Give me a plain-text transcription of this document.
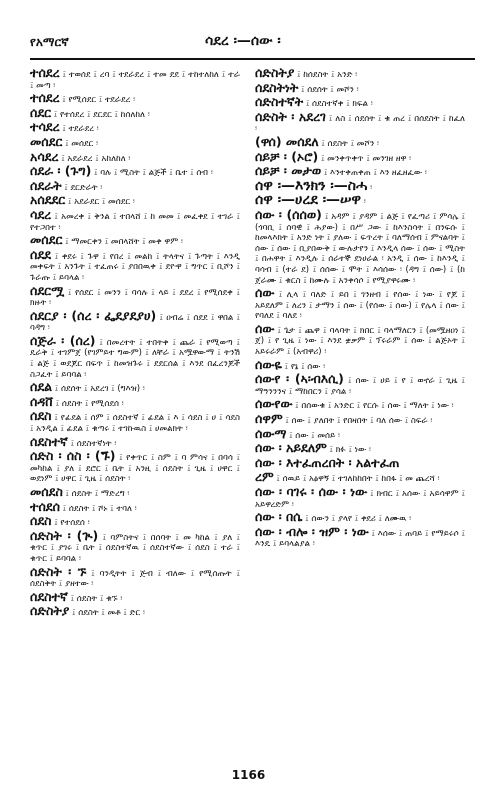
የአማርኛ	ሳደረ ፡—ሰው ፡
ተሰደረ ፤ ተወሰደ ፤ ረባ ፤ ተደራደረ ፤ ተመ ደደ ፤ ተከተለከለ ፤ ተራ ፤ መጣ ፡
ተሰደረ ፤ የሚሰደር ፤ ተደራደረ ፡
ሰደር ፤ የተሰደረ ፤ ደርደር ፤ ከሰለከለ ፡
ተሳደረ ፤ ተደራደረ ፡
መሰደር ፤ መሰደር ፡
አሳደረ ፤ አደራደረ ፤ አከለከለ ፡
ሰደራ ፡ (ጉግ) ፤ ባሉ ፤ ሚስት ፤ ልጅች ፤ ቤተ ፤ ሰብ ፡
ሰደራት ፤ ደርድራት ፡
አሰደደር ፤ አደራደር ፤ መሰደር ፡
ሳደረ ፤ አመረቀ ፤ ቅንል ፤ ተበላሸ ፤ ከ መመ ፤ መፈቀደ ፤ ተገራ ፤ የተጋበተ ፡
መሰደር ፤ ማመርቀን ፤ መበላሸት ፤ መቀ ዋም ፡
ሰደደ ፤ ቀደሩ ፤ ጉዋ ፤ የበረ ፤ መልከ ፤ ትላትና ፤ ጉጣት ፤ እንዲ መቀፍት ፤ አንጉት ፤ ተፈጠሩ ፤ ያበበዉቀ ፤ ደዮዋ ፤ ግጥር ፤ ቢሾን ፤ ጉራጡ ፤ ይባላል ፡
ሰደርሟ ፤ የሰደር ፤ መንን ፤ ባሳሉ ፤ ላይ ፤ ደደረ ፤ የሚሰደቀ ፤ ክዙት ፡
ሰደርያ ፡ (ሰረ ፡ ፌደያደያሀ) ፤ ዐብሬ ፤ ሰደደ ፤ ዋበል ፤ ባዳግ ፡
ሰጅራ ፡ (ሰረ) ፤ በመረተት ፤ ተበትቀ ፤ ጨራ ፤ የሚወጣ ፤ ዴራቅ ፤ ተገምጀ (የገምይተ ግውም) ፤ ለቸራ ፤ አሟዋውማ ፤ ትንሽ ፤ ልጅ ፤ ወደጆር በፍጥ ፤ ከመዝጉሩ ፤ ደደርሰል ፤ እንደ በፈረንጆች ስጋፈት ፤ ይባባል ፡
ሰደል ፤ ሰደሰት ፤ አደረገ ፤ (ግእዝ) ፡
ሰዳቨ ፤ ሰደስት ፤ የሚሰደሰ ፡
ሰደስ ፤ የፊደል ፤ ሰም ፤ ሰደስተኛ ፤ ፊደል ፤ እ ፤ ሳደስ ፤ ሀ ፤ ሳደስ ፤ አንዲል ፤ ፊደል ፤ ቁጣሩ ፤ ተገኩዉስ ፤ ሀመልክት ፡
ሰደስተኛ ፤ ሰደስተኛነት ፡
ሰድስ ፡ ሰስ ፡ (ጙ) ፤ የቀጥር ፤ ስም ፤ ባ ምሳና ፤ በባሳ ፤ መካከል ፤ ያለ ፤ ደሮር ፤ ቤት ፤ አንዚ ፤ ሰደስት ፤ ጊዜ ፤ ሀዋር ፤ ወደነም ፤ ሀዋር ፤ ጊዜ ፤ ሰደስት ፡
መሰደስ ፤ ሰደስት ፤ ማድረግ ፡
ተሰደሰ ፤ ሰደስት ፤ ሾኑ ፤ ተባለ ፡
ሰደስ ፤ የተሰደሰ ፡
ሰድስት ፡ (ጒ) ፤ ባምስትና ፤ በሰባት ፤ መ ካከል ፤ ያለ ፤ ቁጥር ፤ ያገሩ ፤ ቤት ፤ ሰደስተኛዉ ፤ ሰደስተኛው ፤ ሰደስ ፤ ተራ ፤ ቁጥር ፤ ይባባል ፡
ሰድስት ፡ ኙ ፤ ባንዲትት ፤ ጅብ ፤ ብለው ፤ የሚሰጡት ፤ ሰደስቅት ፤ ያዘተው ፡
ሰደስተኛ ፤ ሰደስት ፤ ቁኙ ፡
ሰድስትያ ፤ ሰደስት ፤ መቶ ፤ ድር ፡
ሰድስትያ ፤ ከሰደስት ፤ አንድ ፡
ሰደስትነት ፤ ሰደሰት ፤ መሾን ፡
ሰድስተኛት ፤ ሰደስተኛቀ ፤ ክፍል ፡
ሰድስት ፡ አደረገ ፤ ለስ ፤ ሰደሰት ፤ ቁ ጠረ ፤ በሰደስት ፤ ከፈለ ፡
(ዋሰ) መሰደለ ፤ ሰደስት ፤ መሾን ፡
ሰይቻ ፡ (ኦሮ) ፤ መንቀጥቀጥ ፤ መንገዘ ዘዋ ፡
ሰይቻ ፡ መታወ ፤ እንተቀጠቀጠ ፤ እን ዘፈዘፈው ፡
ሰዋ ፡—እንክን ፡—ስሓ ፡
ሰዋ ፡—ሀረደ ፡—ሠዋ ፡
ሰው ፡ (ሰሰወ) ፤ አዳም ፤ ያዳም ፤ ልጅ ፤ የፈጣሪ ፤ ምሳሌ ፤ (ጎባቢ ፤ ሰባዊ ፤ ሕያው) ፤ በሥ ጋው ፤ ከእንስሳት ፤ በንፍሱ ፤ ከመላእክት ፤ አንድ ነት ፤ ያለው ፤ ፍጥረት ፤ ባለማሰብ ፤ ምናልባት ፤ ሰው ፤ ሰው ፤ ቢያበውቅ ፤ ውሉታየን ፤ እንዲላ ሰው ፤ ሰው ፤ ሚስት ፤ በሐዋት ፤ እንዲሉ ፤ ሰራተኞ ደነሀራል ፡ አንዲ ፤ ሰው ፤ ከእንዲ ፤ ባሳብ ፤ (ተራ ደ) ፤ ሰሰው ፤ ሞት ፤ እሳሰው ፡ (ዳግ ፤ ሰው) ፤ (ከ ጀራሙ ፤ ቁርስ ፤ ከሙሉ ፤ አንቀሳሶ ፤ የሚያዋሩሙ ፡
ሰው ፤ ሊላ ፤ ባለድ ፤ ይበ ፤ ገንዘብ ፤ የሰው ፤ ነው ፤ የጆ ፤ አይደለም ፤ ለረን ፤ ታማን ፤ ሰው ፤ (የሰው ፤ ሰው) ፤ የሌላ ፤ ሰው ፤ የባለደ ፤ ባለደ ፡
ሰው ፤ ጌታ ፤ ጨዋ ፤ ባላባት ፤ ክበር ፤ ባላማለርን ፤ (መሟዘዐነ ፤ ጀ) ፤ የ ጊዜ ፤ ነው ፤ እንደ ቋቃም ፤ ፕሩራም ፤ ሰው ፤ ልጅኦት ፤ አይሩራም ፤ (አብዋሪ) ፡
ሰውዬ ፤ የኔ ፤ ሰው ፡
ሰውየ ፡ (ኣ፡ብእሲ) ፤ ሰው ፤ ሀይ ፤ የ ፤ ወኖራ ፤ ጊዜ ፤ ማዓንንንና ፤ ማከበርን ፤ ያሳል ፡
ሰውየው ፤ በሰውቁ ፤ አንድር ፤ የርሱ ፤ ሰው ፤ ማለት ፤ ነው ፡
ሰዋም ፤ ሰው ፤ ያለበት ፤ የበዛበት ፤ ባለ ሰው ፤ ስፍራ ፡
ሰውማ ፤ ሰው ፤ መሰይ ፡
ሰው ፡ አይደለም ፤ ክፉ ፤ ነው ፡
ሰው ፡ እተፈጠረበት ፡ አልተፈጠ
ረም ፤ ሰዉይ ፤ አፅዋኝ ፤ ተገለከከበት ፤ ከበፋ ፤ መ ጨረሻ ፡
ሰው ፡ ባገሩ ፡ ሰው ፡ ነው ፤ ክብር ፤ አሰው ፤ አይሳዋም ፤ አይዋረድም ፡
ሰው ፡ በሴ ፤ ሰውን ፤ ያላየ ፤ ቀደሪ ፤ ለሙዉ ፡
ሰው ፡ ብሎ ፡ ዝም ፡ ነው ፤ እሰው ፤ ጠባይ ፤ የማይሩሶ ፤ እንዴ ፤ ይባላልያል ፡
1166
